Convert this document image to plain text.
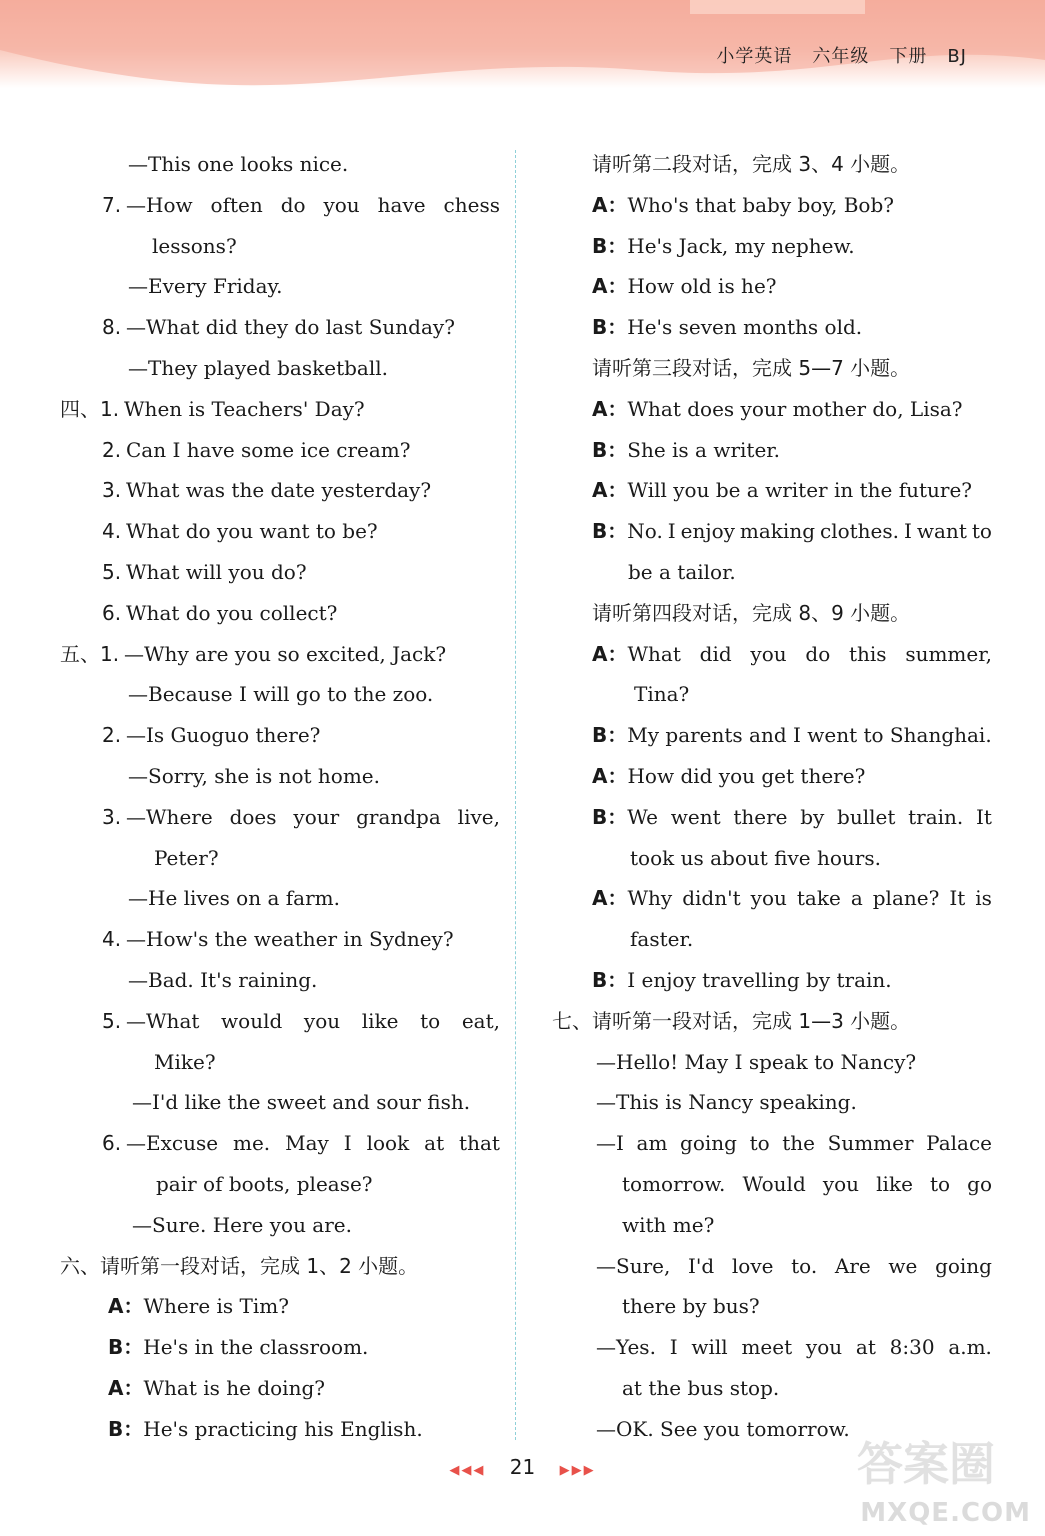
小学英语 六年级 下册 BJ
—This one looks nice.
7. —How often do you have chess
lessons?
—Every Friday.
8. —What did they do last Sunday?
—They played basketball.
四、1. When is Teachers' Day?
2. Can I have some ice cream?
3. What was the date yesterday?
4. What do you want to be?
5. What will you do?
6. What do you collect?
五、1. —Why are you so excited, Jack?
—Because I will go to the zoo.
2. —Is Guoguo there?
—Sorry, she is not home.
3. —Where does your grandpa live,
Peter?
—He lives on a farm.
4. —How's the weather in Sydney?
—Bad. It's raining.
5. —What would you like to eat,
Mike?
—I'd like the sweet and sour fish.
6. —Excuse me. May I look at that
pair of boots, please?
—Sure. Here you are.
六、请听第一段对话，完成 1、2 小题。
A：Where is Tim?
B：He's in the classroom.
A：What is he doing?
B：He's practicing his English.
请听第二段对话，完成 3、4 小题。
A：Who's that baby boy, Bob?
B：He's Jack, my nephew.
A：How old is he?
B：He's seven months old.
请听第三段对话，完成 5—7 小题。
A：What does your mother do, Lisa?
B：She is a writer.
A：Will you be a writer in the future?
B： No. I enjoy making clothes. I want to
be a tailor.
请听第四段对话，完成 8、9 小题。
A： What did you do this summer,
Tina?
B：My parents and I went to Shanghai.
A：How did you get there?
B： We went there by bullet train. It
took us about five hours.
A： Why didn't you take a plane? It is
faster.
B：I enjoy travelling by train.
七、请听第一段对话，完成 1—3 小题。
—Hello! May I speak to Nancy?
—This is Nancy speaking.
—I am going to the Summer Palace
tomorrow. Would you like to go
with me?
—Sure, I'd love to. Are we going
there by bus?
—Yes. I will meet you at 8:30 a.m.
at the bus stop.
—OK. See you tomorrow.
◀◀◀ 21 ▶▶▶	答案圈
MXQE.COM
